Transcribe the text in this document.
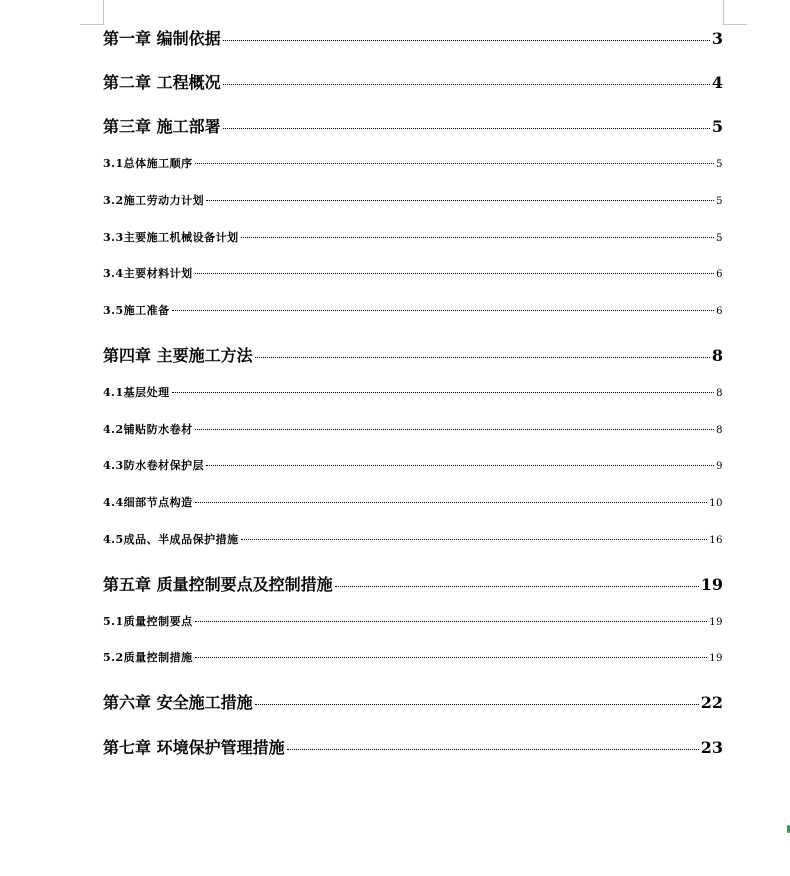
第一章 编制依据	3
第二章 工程概况	4
第三章 施工部署	5
3.1总体施工顺序	5
3.2施工劳动力计划	5
3.3主要施工机械设备计划	5
3.4主要材料计划	6
3.5施工准备	6
第四章 主要施工方法	8
4.1基层处理	8
4.2铺贴防水卷材	8
4.3防水卷材保护层	9
4.4细部节点构造	10
4.5成品、半成品保护措施	16
第五章 质量控制要点及控制措施	19
5.1质量控制要点	19
5.2质量控制措施	19
第六章 安全施工措施	22
第七章 环境保护管理措施	23
